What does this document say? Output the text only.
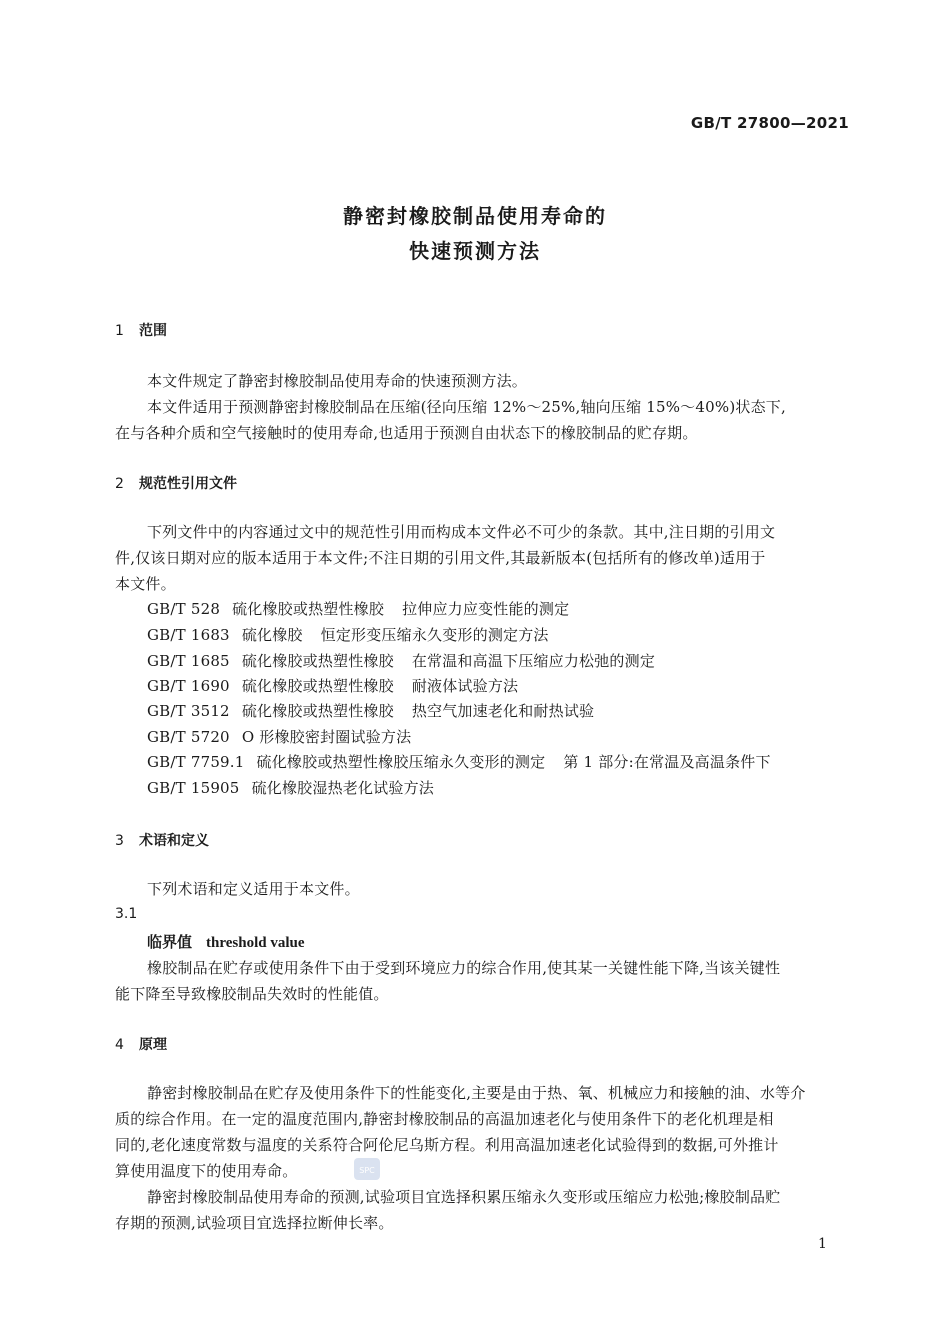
GB/T 27800—2021
静密封橡胶制品使用寿命的
快速预测方法
1 范围
本文件规定了静密封橡胶制品使用寿命的快速预测方法。
本文件适用于预测静密封橡胶制品在压缩(径向压缩 12%～25%,轴向压缩 15%～40%)状态下,
在与各种介质和空气接触时的使用寿命,也适用于预测自由状态下的橡胶制品的贮存期。
2 规范性引用文件
下列文件中的内容通过文中的规范性引用而构成本文件必不可少的条款。其中,注日期的引用文
件,仅该日期对应的版本适用于本文件;不注日期的引用文件,其最新版本(包括所有的修改单)适用于
本文件。
GB/T 528 硫化橡胶或热塑性橡胶 拉伸应力应变性能的测定
GB/T 1683 硫化橡胶 恒定形变压缩永久变形的测定方法
GB/T 1685 硫化橡胶或热塑性橡胶 在常温和高温下压缩应力松弛的测定
GB/T 1690 硫化橡胶或热塑性橡胶 耐液体试验方法
GB/T 3512 硫化橡胶或热塑性橡胶 热空气加速老化和耐热试验
GB/T 5720 O 形橡胶密封圈试验方法
GB/T 7759.1 硫化橡胶或热塑性橡胶压缩永久变形的测定 第 1 部分:在常温及高温条件下
GB/T 15905 硫化橡胶湿热老化试验方法
3 术语和定义
下列术语和定义适用于本文件。
3.1
临界值 threshold value
橡胶制品在贮存或使用条件下由于受到环境应力的综合作用,使其某一关键性能下降,当该关键性
能下降至导致橡胶制品失效时的性能值。
4 原理
静密封橡胶制品在贮存及使用条件下的性能变化,主要是由于热、氧、机械应力和接触的油、水等介
质的综合作用。在一定的温度范围内,静密封橡胶制品的高温加速老化与使用条件下的老化机理是相
同的,老化速度常数与温度的关系符合阿伦尼乌斯方程。利用高温加速老化试验得到的数据,可外推计
算使用温度下的使用寿命。
静密封橡胶制品使用寿命的预测,试验项目宜选择积累压缩永久变形或压缩应力松弛;橡胶制品贮
存期的预测,试验项目宜选择拉断伸长率。
SPC
1
